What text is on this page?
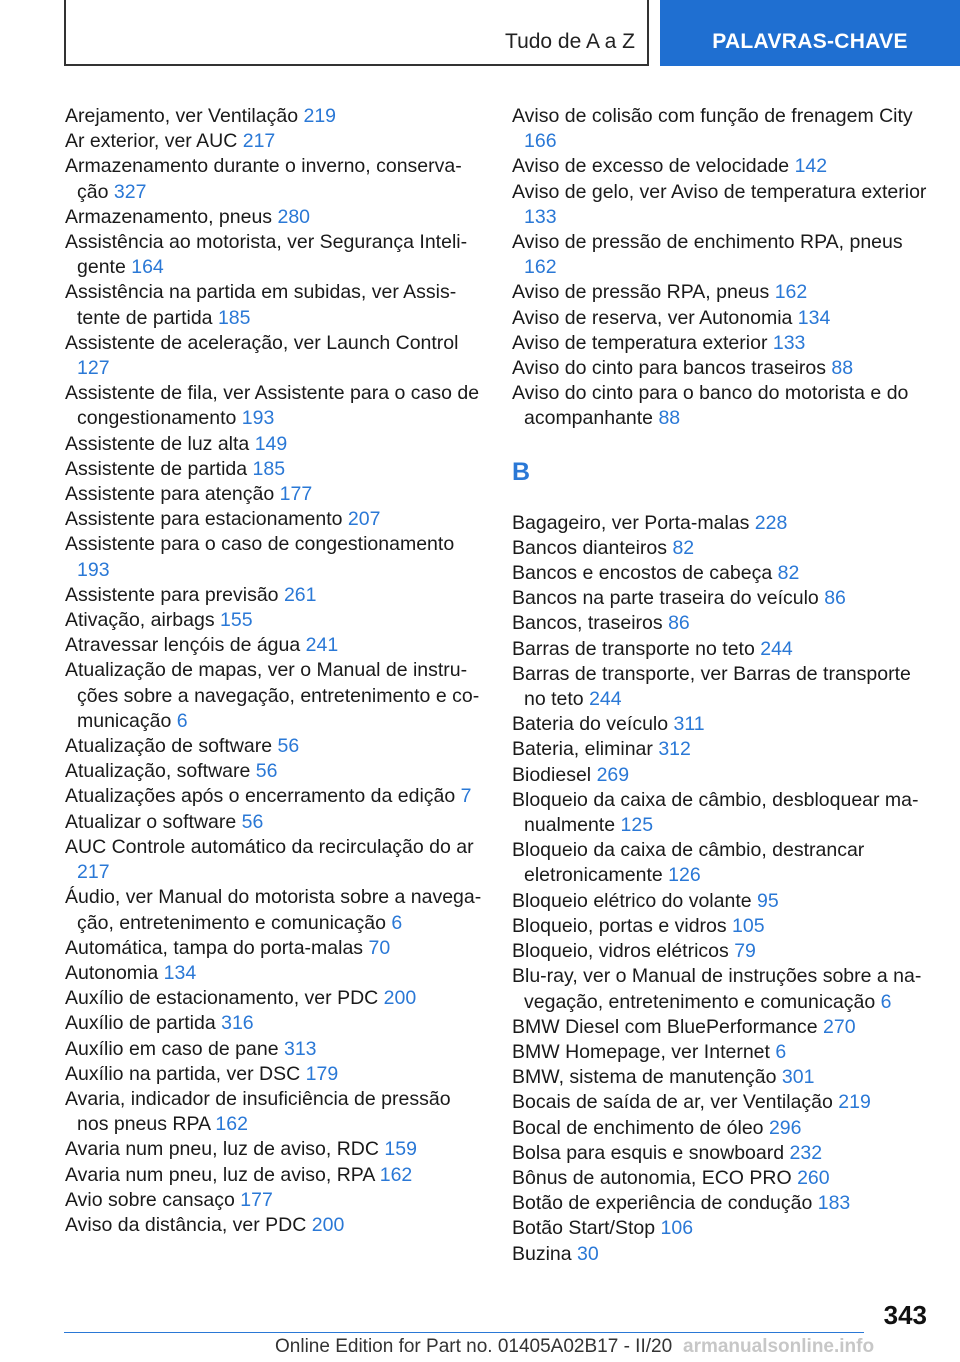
Tudo de A a Z	PALAVRAS-CHAVE
Arejamento, ver Ventilação 219
Ar exterior, ver AUC 217
Armazenamento durante o inverno, conservação 327
Armazenamento, pneus 280
Assistência ao motorista, ver Segurança Inteligente 164
Assistência na partida em subidas, ver Assistente de partida 185
Assistente de aceleração, ver Launch Control 127
Assistente de fila, ver Assistente para o caso de congestionamento 193
Assistente de luz alta 149
Assistente de partida 185
Assistente para atenção 177
Assistente para estacionamento 207
Assistente para o caso de congestionamento 193
Assistente para previsão 261
Ativação, airbags 155
Atravessar lençóis de água 241
Atualização de mapas, ver o Manual de instruções sobre a navegação, entretenimento e comunicação 6
Atualização de software 56
Atualização, software 56
Atualizações após o encerramento da edição 7
Atualizar o software 56
AUC Controle automático da recirculação do ar 217
Áudio, ver Manual do motorista sobre a navegação, entretenimento e comunicação 6
Automática, tampa do porta-malas 70
Autonomia 134
Auxílio de estacionamento, ver PDC 200
Auxílio de partida 316
Auxílio em caso de pane 313
Auxílio na partida, ver DSC 179
Avaria, indicador de insuficiência de pressão nos pneus RPA 162
Avaria num pneu, luz de aviso, RDC 159
Avaria num pneu, luz de aviso, RPA 162
Avio sobre cansaço 177
Aviso da distância, ver PDC 200
Aviso de colisão com função de frenagem City 166
Aviso de excesso de velocidade 142
Aviso de gelo, ver Aviso de temperatura exterior 133
Aviso de pressão de enchimento RPA, pneus 162
Aviso de pressão RPA, pneus 162
Aviso de reserva, ver Autonomia 134
Aviso de temperatura exterior 133
Aviso do cinto para bancos traseiros 88
Aviso do cinto para o banco do motorista e do acompanhante 88
B
Bagageiro, ver Porta-malas 228
Bancos dianteiros 82
Bancos e encostos de cabeça 82
Bancos na parte traseira do veículo 86
Bancos, traseiros 86
Barras de transporte no teto 244
Barras de transporte, ver Barras de transporte no teto 244
Bateria do veículo 311
Bateria, eliminar 312
Biodiesel 269
Bloqueio da caixa de câmbio, desbloquear manualmente 125
Bloqueio da caixa de câmbio, destrancar eletronicamente 126
Bloqueio elétrico do volante 95
Bloqueio, portas e vidros 105
Bloqueio, vidros elétricos 79
Blu-ray, ver o Manual de instruções sobre a navegação, entretenimento e comunicação 6
BMW Diesel com BluePerformance 270
BMW Homepage, ver Internet 6
BMW, sistema de manutenção 301
Bocais de saída de ar, ver Ventilação 219
Bocal de enchimento de óleo 296
Bolsa para esquis e snowboard 232
Bônus de autonomia, ECO PRO 260
Botão de experiência de condução 183
Botão Start/Stop 106
Buzina 30
343
Online Edition for Part no. 01405A02B17 - II/20 armanualsonline.info
